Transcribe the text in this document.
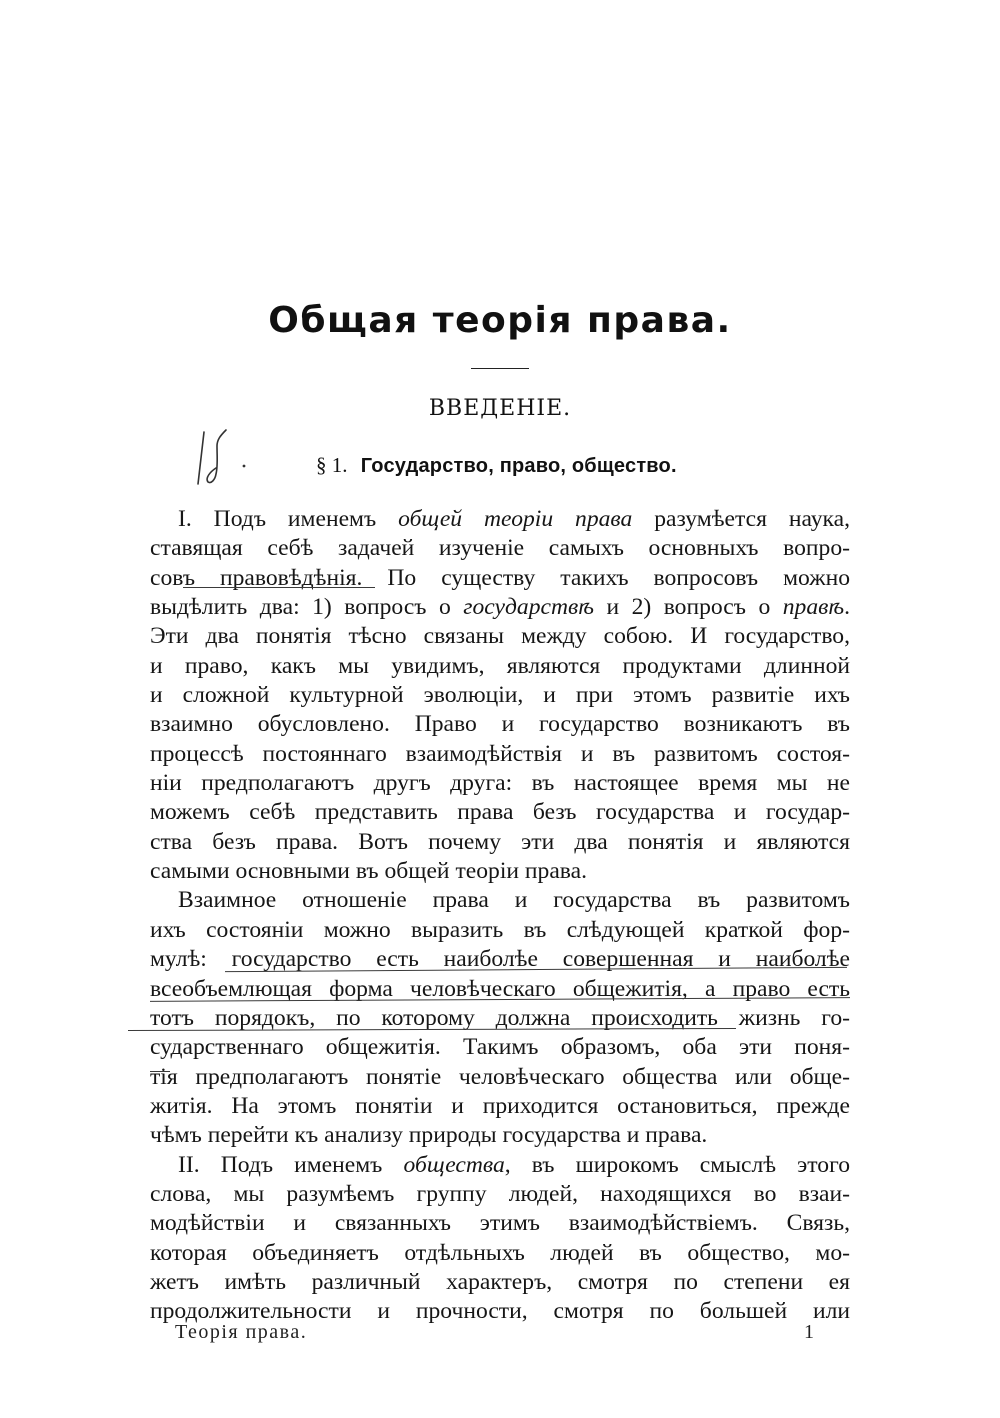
Общая теорія права.
ВВЕДЕНІЕ.
§ 1. Государство, право, общество.
I. Подъ именемъ общей теоріи права разумѣется наука,
ставящая себѣ задачей изученіе самыхъ основныхъ вопро-
совъ правовѣдѣнія. По существу такихъ вопросовъ можно
выдѣлить два: 1) вопросъ о государствѣ и 2) вопросъ о правѣ.
Эти два понятія тѣсно связаны между собою. И государство,
и право, какъ мы увидимъ, являются продуктами длинной
и сложной культурной эволюціи, и при этомъ развитіе ихъ
взаимно обусловлено. Право и государство возникаютъ въ
процессѣ постояннаго взаимодѣйствія и въ развитомъ состоя-
ніи предполагаютъ другъ друга: въ настоящее время мы не
можемъ себѣ представить права безъ государства и государ-
ства безъ права. Вотъ почему эти два понятія и являются
самыми основными въ общей теоріи права.
Взаимное отношеніе права и государства въ развитомъ
ихъ состояніи можно выразить въ слѣдующей краткой фор-
мулѣ: государство есть наиболѣе совершенная и наиболѣе
всеобъемлющая форма человѣческаго общежитія, а право есть
тотъ порядокъ, по которому должна происходить жизнь го-
сударственнаго общежитія. Такимъ образомъ, оба эти поня-
тія предполагаютъ понятіе человѣческаго общества или обще-
житія. На этомъ понятіи и приходится остановиться, прежде
чѣмъ перейти къ анализу природы государства и права.
II. Подъ именемъ общества, въ широкомъ смыслѣ этого
слова, мы разумѣемъ группу людей, находящихся во взаи-
модѣйствіи и связанныхъ этимъ взаимодѣйствіемъ. Связь,
которая объединяетъ отдѣльныхъ людей въ общество, мо-
жетъ имѣть различный характеръ, смотря по степени ея
продолжительности и прочности, смотря по большей или
Теорія права.	1
